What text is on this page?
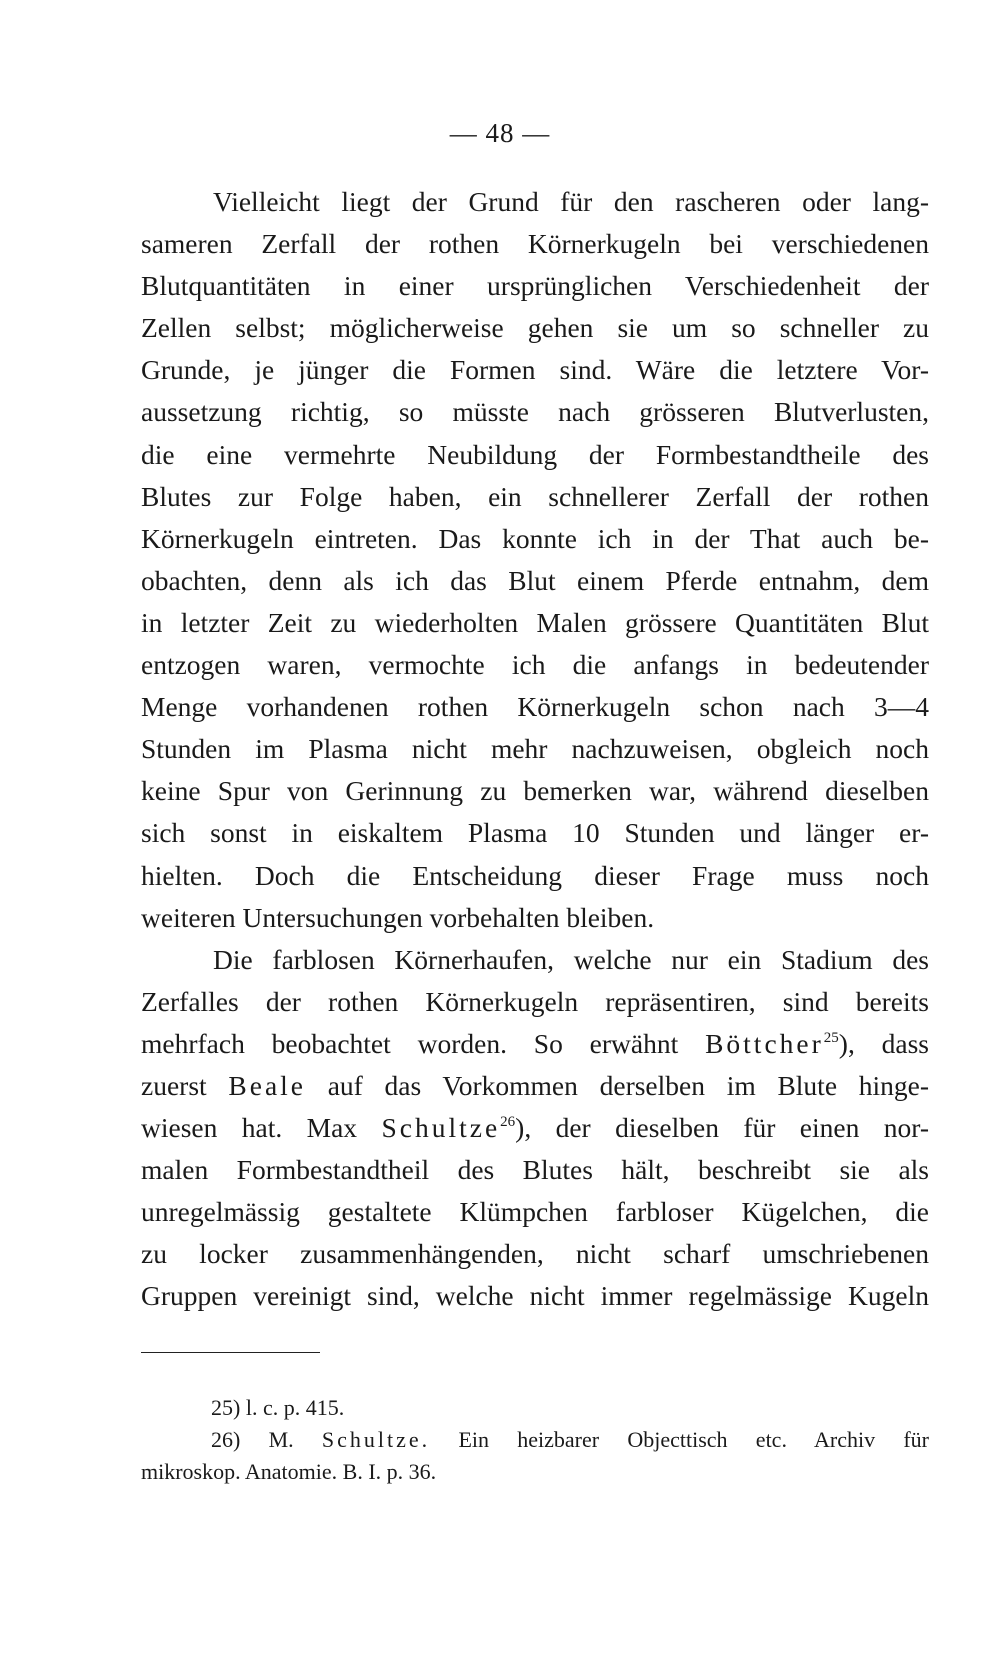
— 48 —

Vielleicht liegt der Grund für den rascheren oder lang-
sameren Zerfall der rothen Körnerkugeln bei verschiedenen
Blutquantitäten in einer ursprünglichen Verschiedenheit der
Zellen selbst; möglicherweise gehen sie um so schneller zu
Grunde, je jünger die Formen sind. Wäre die letztere Vor-
aussetzung richtig, so müsste nach grösseren Blutverlusten,
die eine vermehrte Neubildung der Formbestandtheile des
Blutes zur Folge haben, ein schnellerer Zerfall der rothen
Körnerkugeln eintreten. Das konnte ich in der That auch be-
obachten, denn als ich das Blut einem Pferde entnahm, dem
in letzter Zeit zu wiederholten Malen grössere Quantitäten Blut
entzogen waren, vermochte ich die anfangs in bedeutender
Menge vorhandenen rothen Körnerkugeln schon nach 3—4
Stunden im Plasma nicht mehr nachzuweisen, obgleich noch
keine Spur von Gerinnung zu bemerken war, während dieselben
sich sonst in eiskaltem Plasma 10 Stunden und länger er-
hielten. Doch die Entscheidung dieser Frage muss noch
weiteren Untersuchungen vorbehalten bleiben.

Die farblosen Körnerhaufen, welche nur ein Stadium des
Zerfalles der rothen Körnerkugeln repräsentiren, sind bereits
mehrfach beobachtet worden. So erwähnt Böttcher$^{25}$), dass
zuerst Beale auf das Vorkommen derselben im Blute hinge-
wiesen hat. Max Schultze$^{26}$), der dieselben für einen nor-
malen Formbestandtheil des Blutes hält, beschreibt sie als
unregelmässig gestaltete Klümpchen farbloser Kügelchen, die
zu locker zusammenhängenden, nicht scharf umschriebenen
Gruppen vereinigt sind, welche nicht immer regelmässige Kugeln

25) l. c. p. 415.
26) M. Schultze. Ein heizbarer Objecttisch etc. Archiv für
mikroskop. Anatomie. B. I. p. 36.
